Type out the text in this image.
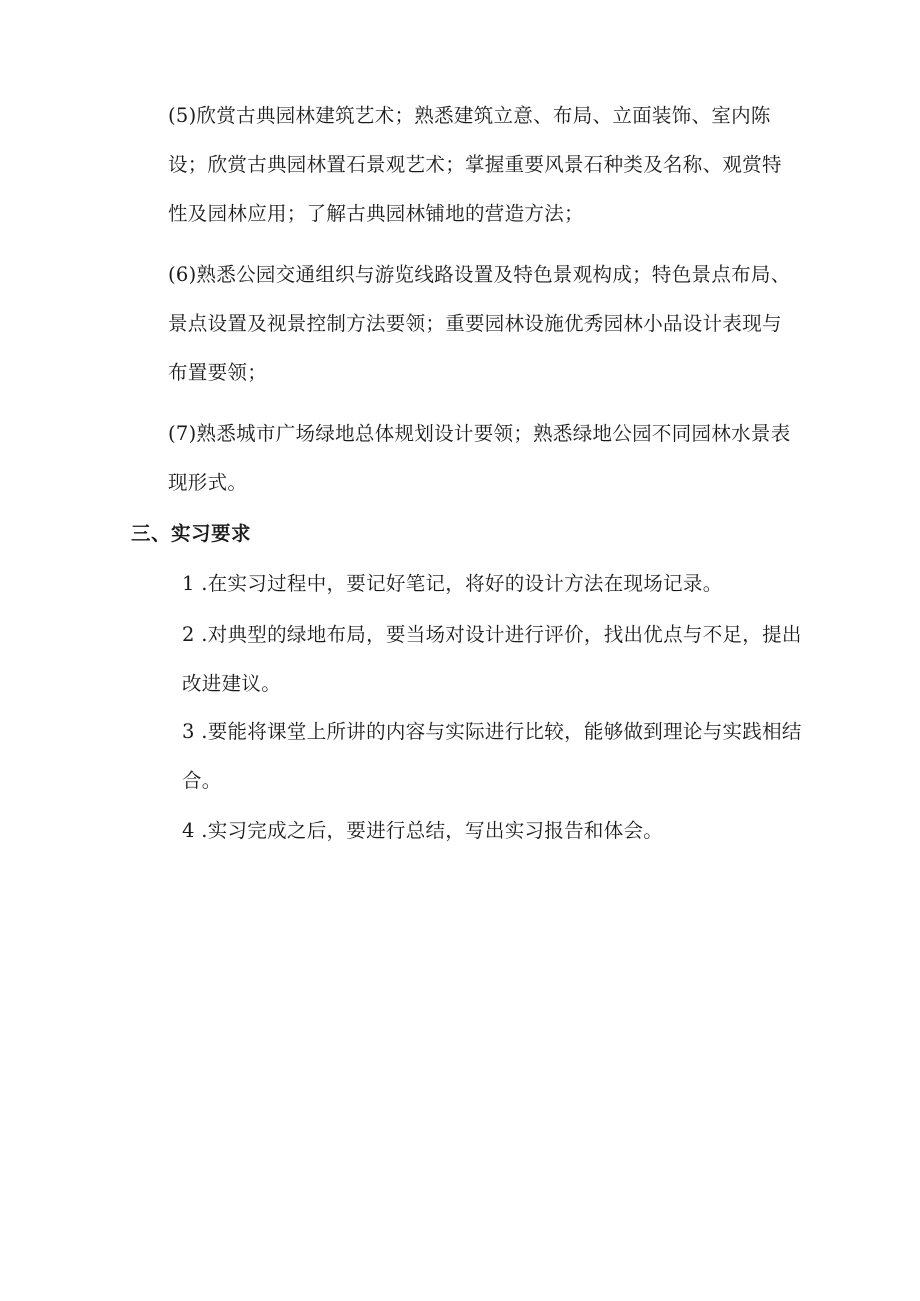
(5)欣赏古典园林建筑艺术；熟悉建筑立意、布局、立面装饰、室内陈

设；欣赏古典园林置石景观艺术；掌握重要风景石种类及名称、观赏特

性及园林应用；了解古典园林铺地的营造方法；

(6)熟悉公园交通组织与游览线路设置及特色景观构成；特色景点布局、

景点设置及视景控制方法要领；重要园林设施优秀园林小品设计表现与

布置要领；

(7)熟悉城市广场绿地总体规划设计要领；熟悉绿地公园不同园林水景表

现形式。

三、实习要求

1 .在实习过程中，要记好笔记，将好的设计方法在现场记录。

2 .对典型的绿地布局，要当场对设计进行评价，找出优点与不足，提出

改进建议。

3 .要能将课堂上所讲的内容与实际进行比较，能够做到理论与实践相结

合。

4 .实习完成之后，要进行总结，写出实习报告和体会。
